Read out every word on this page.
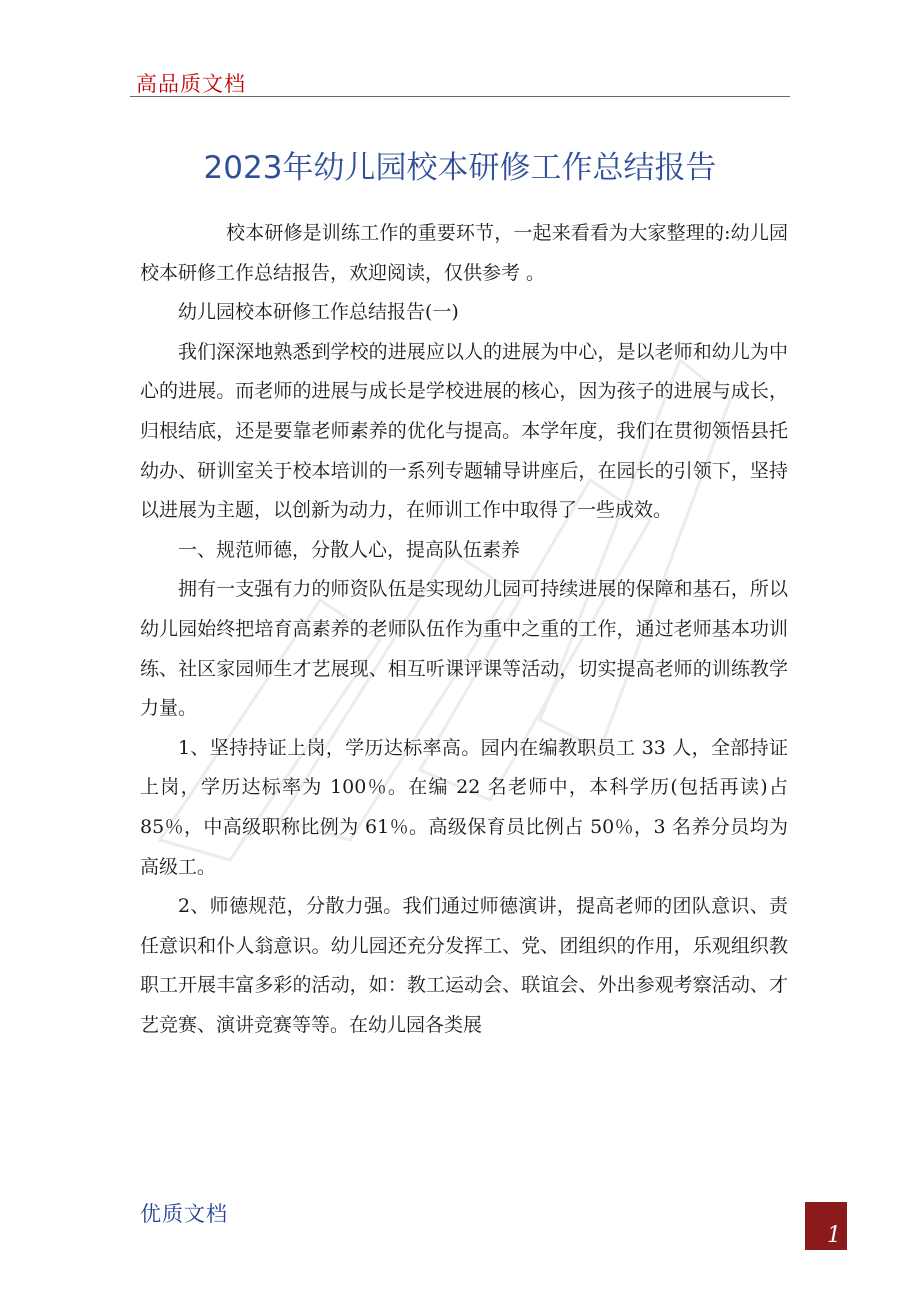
高品质文档
2023年幼儿园校本研修工作总结报告

校本研修是训练工作的重要环节，一起来看看为大家整理的:幼儿园校本研修工作总结报告，欢迎阅读，仅供参考 。

幼儿园校本研修工作总结报告(一)

我们深深地熟悉到学校的进展应以人的进展为中心，是以老师和幼儿为中心的进展。而老师的进展与成长是学校进展的核心，因为孩子的进展与成长，归根结底，还是要靠老师素养的优化与提高。本学年度，我们在贯彻领悟县托幼办、研训室关于校本培训的一系列专题辅导讲座后，在园长的引领下，坚持以进展为主题，以创新为动力，在师训工作中取得了一些成效。

一、规范师德，分散人心，提高队伍素养

拥有一支强有力的师资队伍是实现幼儿园可持续进展的保障和基石，所以幼儿园始终把培育高素养的老师队伍作为重中之重的工作，通过老师基本功训练、社区家园师生才艺展现、相互听课评课等活动，切实提高老师的训练教学力量。

1、坚持持证上岗，学历达标率高。园内在编教职员工 33 人，全部持证上岗，学历达标率为 100％。在编 22 名老师中，本科学历(包括再读)占 85％，中高级职称比例为 61％。高级保育员比例占 50％，3 名养分员均为高级工。

2、师德规范，分散力强。我们通过师德演讲，提高老师的团队意识、责任意识和仆人翁意识。幼儿园还充分发挥工、党、团组织的作用，乐观组织教职工开展丰富多彩的活动，如：教工运动会、联谊会、外出参观考察活动、才艺竞赛、演讲竞赛等等。在幼儿园各类展

优质文档
1
